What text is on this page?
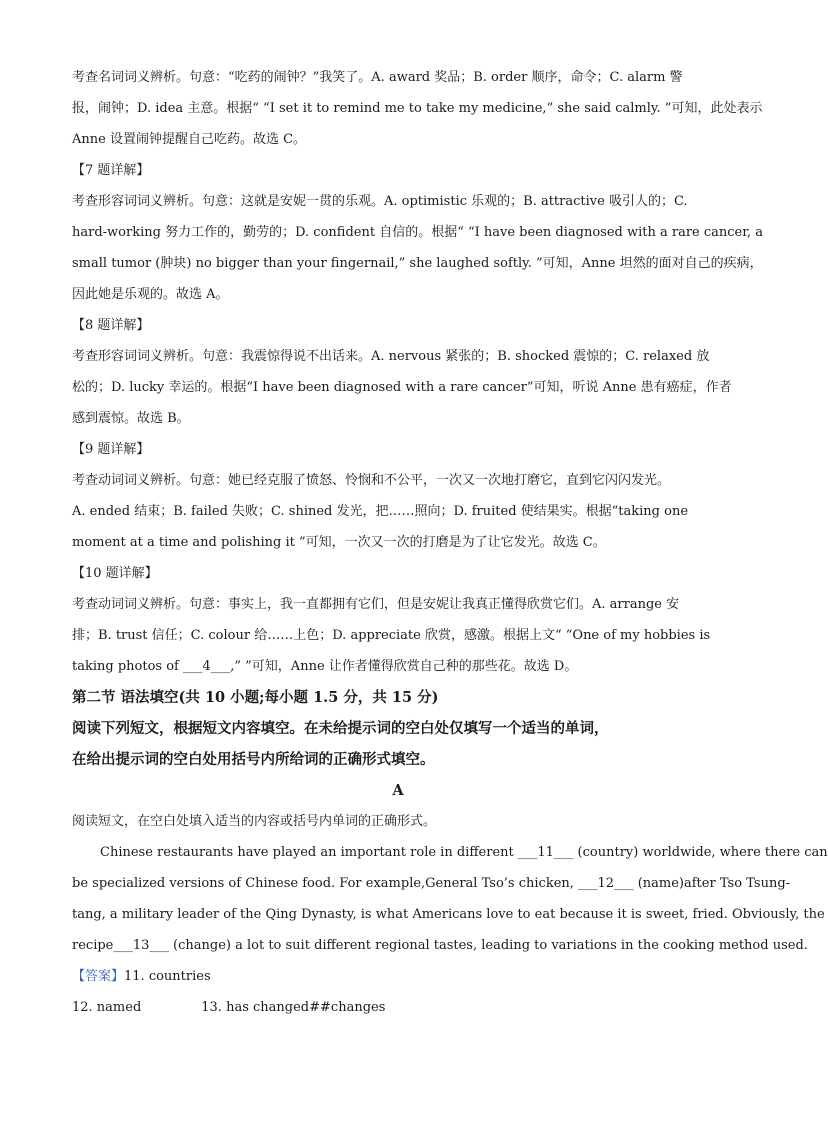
考查名词词义辨析。句意：“吃药的闹钟？”我笑了。A. award 奖品；B. order 顺序，命令；C. alarm 警
报，闹钟；D. idea 主意。根据“ “I set it to remind me to take my medicine,” she said calmly. ”可知，此处表示
Anne 设置闹钟提醒自己吃药。故选 C。
【7 题详解】
考查形容词词义辨析。句意：这就是安妮一贯的乐观。A. optimistic 乐观的；B. attractive 吸引人的；C.
hard-working 努力工作的，勤劳的；D. confident 自信的。根据“ “I have been diagnosed with a rare cancer, a
small tumor (肿块) no bigger than your fingernail,” she laughed softly. ”可知，Anne 坦然的面对自己的疾病，
因此她是乐观的。故选 A。
【8 题详解】
考查形容词词义辨析。句意：我震惊得说不出话来。A. nervous 紧张的；B. shocked 震惊的；C. relaxed 放
松的；D. lucky 幸运的。根据“I have been diagnosed with a rare cancer”可知，听说 Anne 患有癌症，作者
感到震惊。故选 B。
【9 题详解】
考查动词词义辨析。句意：她已经克服了愤怒、怜悯和不公平，一次又一次地打磨它，直到它闪闪发光。
A. ended 结束；B. failed 失败；C. shined 发光，把……照向；D. fruited 使结果实。根据“taking one
moment at a time and polishing it ”可知，一次又一次的打磨是为了让它发光。故选 C。
【10 题详解】
考查动词词义辨析。句意：事实上，我一直都拥有它们，但是安妮让我真正懂得欣赏它们。A. arrange 安
排；B. trust 信任；C. colour 给……上色；D. appreciate 欣赏，感激。根据上文“ “One of my hobbies is
taking photos of ___4___,” ”可知，Anne 让作者懂得欣赏自己种的那些花。故选 D。
第二节 语法填空(共 10 小题;每小题 1.5 分，共 15 分)
阅读下列短文，根据短文内容填空。在未给提示词的空白处仅填写一个适当的单词，
在给出提示词的空白处用括号内所给词的正确形式填空。
A
阅读短文，在空白处填入适当的内容或括号内单词的正确形式。
Chinese restaurants have played an important role in different ___11___ (country) worldwide, where there can
be specialized versions of Chinese food. For example,General Tso’s chicken, ___12___ (name)after Tso Tsung-
tang, a military leader of the Qing Dynasty, is what Americans love to eat because it is sweet, fried. Obviously, the
recipe___13___ (change) a lot to suit different regional tastes, leading to variations in the cooking method used.
【答案】11. countries
12. named	13. has changed##changes
